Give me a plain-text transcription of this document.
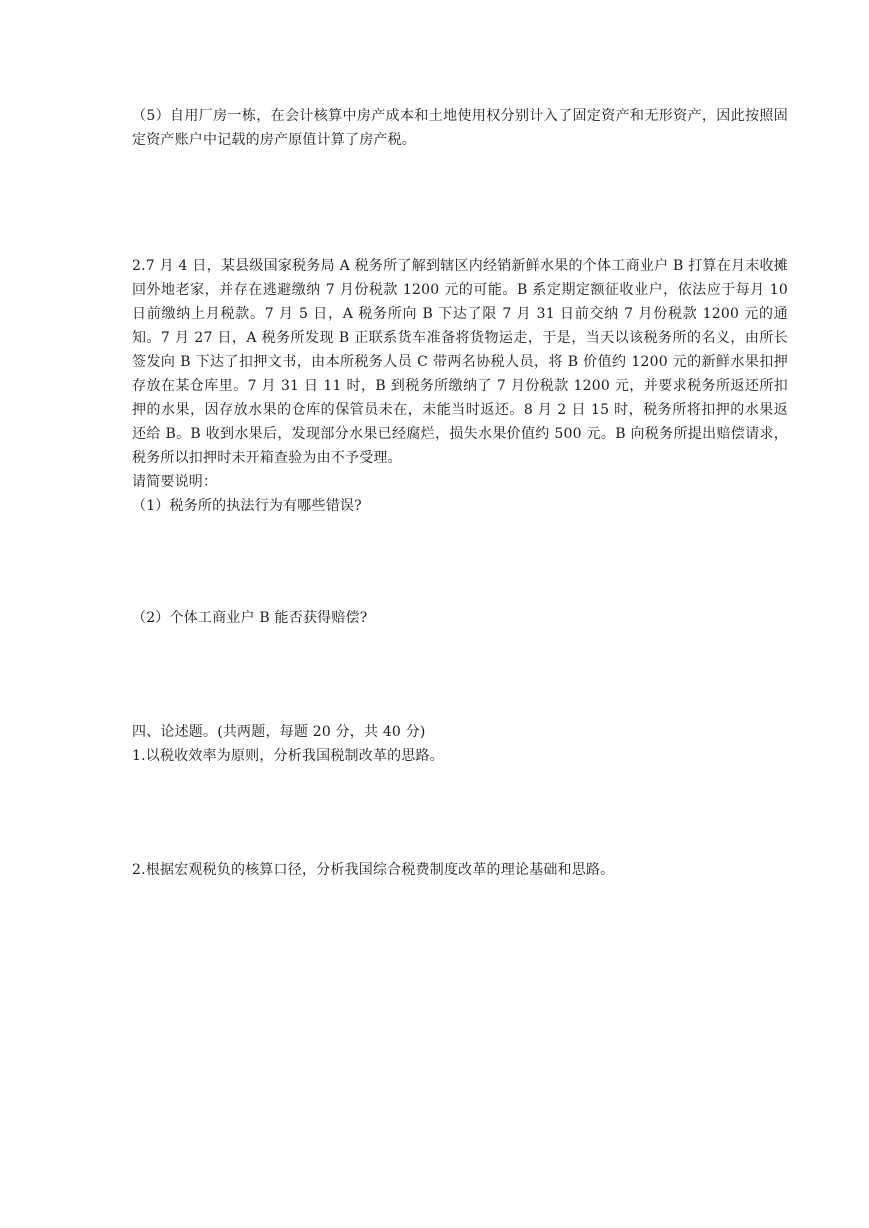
（5）自用厂房一栋，在会计核算中房产成本和土地使用权分别计入了固定资产和无形资产，因此按照固定资产账户中记载的房产原值计算了房产税。

2.7 月 4 日，某县级国家税务局 A 税务所了解到辖区内经销新鲜水果的个体工商业户 B 打算在月末收摊回外地老家，并存在逃避缴纳 7 月份税款 1200 元的可能。B 系定期定额征收业户，依法应于每月 10 日前缴纳上月税款。7 月 5 日，A 税务所向 B 下达了限 7 月 31 日前交纳 7 月份税款 1200 元的通知。7 月 27 日，A 税务所发现 B 正联系货车准备将货物运走，于是，当天以该税务所的名义，由所长签发向 B 下达了扣押文书，由本所税务人员 C 带两名协税人员，将 B 价值约 1200 元的新鲜水果扣押存放在某仓库里。7 月 31 日 11 时，B 到税务所缴纳了 7 月份税款 1200 元，并要求税务所返还所扣押的水果，因存放水果的仓库的保管员未在，未能当时返还。8 月 2 日 15 时，税务所将扣押的水果返还给 B。B 收到水果后，发现部分水果已经腐烂，损失水果价值约 500 元。B 向税务所提出赔偿请求，税务所以扣押时未开箱查验为由不予受理。

请简要说明：

（1）税务所的执法行为有哪些错误?

（2）个体工商业户 B 能否获得赔偿?

四、论述题。(共两题，每题 20 分，共 40 分)

1.以税收效率为原则，分析我国税制改革的思路。

2.根据宏观税负的核算口径，分析我国综合税费制度改革的理论基础和思路。
